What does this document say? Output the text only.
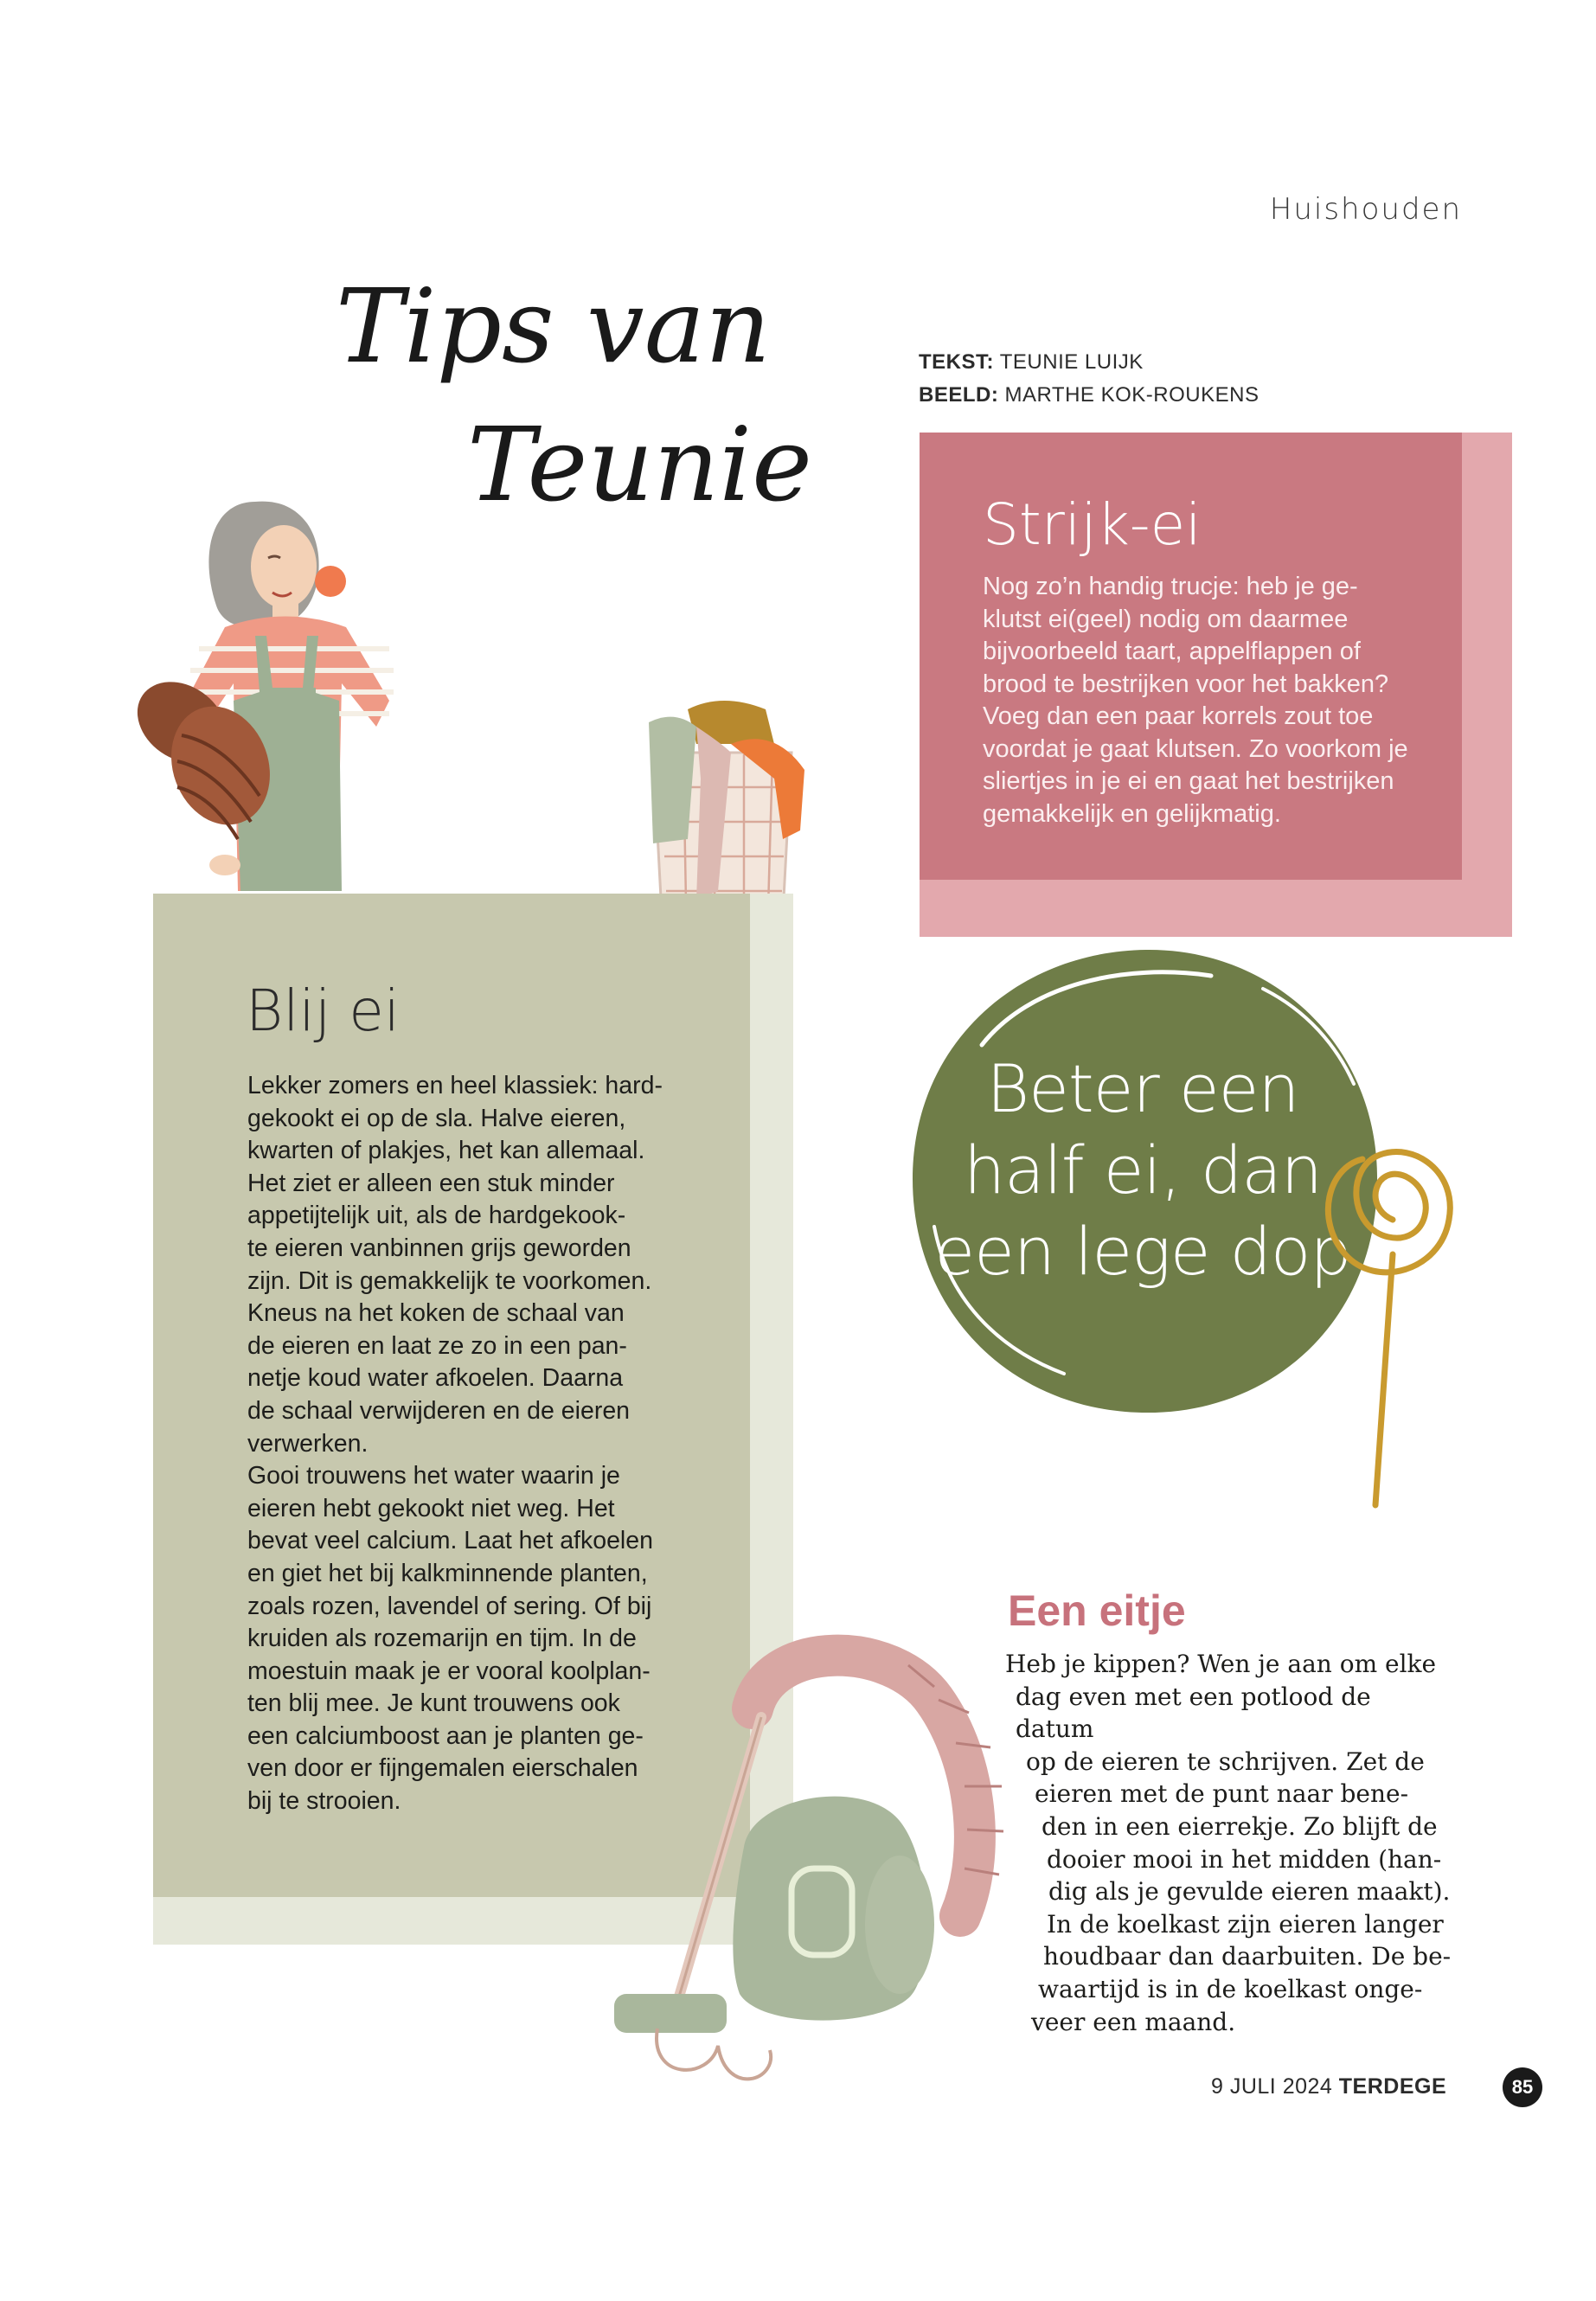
Huishouden
Tips van
Teunie
TEKST: TEUNIE LUIJK
BEELD: MARTHE KOK-ROUKENS
Strijk-ei
Nog zo’n handig trucje: heb je ge-
klutst ei(geel) nodig om daarmee
bijvoorbeeld taart, appelflappen of
brood te bestrijken voor het bakken?
Voeg dan een paar korrels zout toe
voordat je gaat klutsen. Zo voorkom je
sliertjes in je ei en gaat het bestrijken
gemakkelijk en gelijkmatig.
Beter een
half ei, dan
een lege dop
Blij ei
Lekker zomers en heel klassiek: hard-
gekookt ei op de sla. Halve eieren,
kwarten of plakjes, het kan allemaal.
Het ziet er alleen een stuk minder
appetijtelijk uit, als de hardgekook-
te eieren vanbinnen grijs geworden
zijn. Dit is gemakkelijk te voorkomen.
Kneus na het koken de schaal van
de eieren en laat ze zo in een pan-
netje koud water afkoelen. Daarna
de schaal verwijderen en de eieren
verwerken.
Gooi trouwens het water waarin je
eieren hebt gekookt niet weg. Het
bevat veel calcium. Laat het afkoelen
en giet het bij kalkminnende planten,
zoals rozen, lavendel of sering. Of bij
kruiden als rozemarijn en tijm. In de
moestuin maak je er vooral koolplan-
ten blij mee. Je kunt trouwens ook
een calciumboost aan je planten ge-
ven door er fijngemalen eierschalen
bij te strooien.
Een eitje

Heb je kippen? Wen je aan om elke

dag even met een potlood de datum

op de eieren te schrijven. Zet de

eieren met de punt naar bene-

den in een eierrekje. Zo blijft de

dooier mooi in het midden (han-

dig als je gevulde eieren maakt).

In de koelkast zijn eieren langer

houdbaar dan daarbuiten. De be-

waartijd is in de koelkast onge-

veer een maand.

9 JULI 2024 TERDEGE	85
